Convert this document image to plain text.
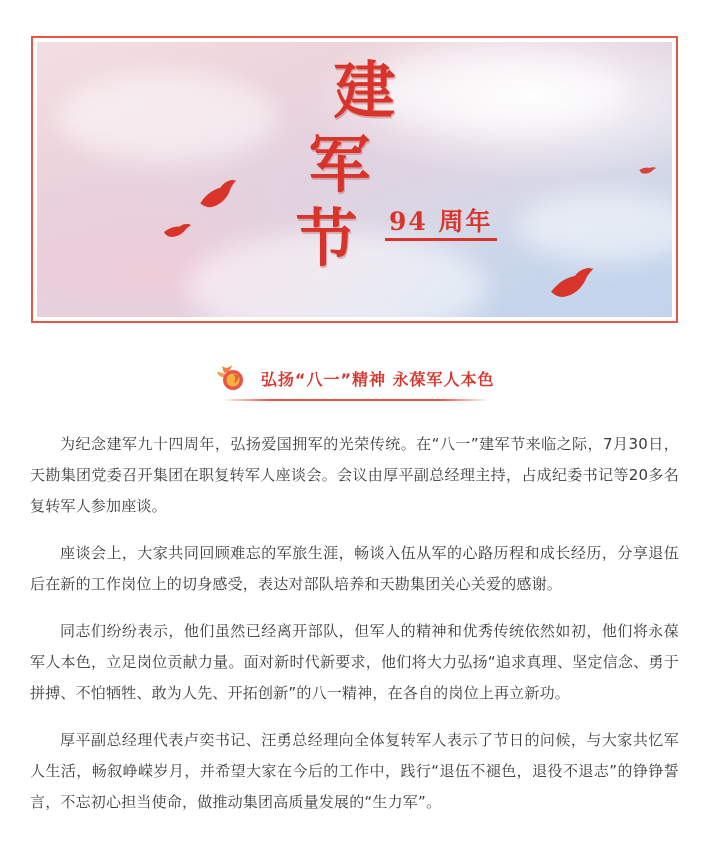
建
军
节	94 周年
弘扬“八一”精神 永葆军人本色

为纪念建军九十四周年，弘扬爱国拥军的光荣传统。在“八一”建军节来临之际，7月30日，天勘集团党委召开集团在职复转军人座谈会。会议由厚平副总经理主持，占成纪委书记等20多名复转军人参加座谈。

座谈会上，大家共同回顾难忘的军旅生涯，畅谈入伍从军的心路历程和成长经历，分享退伍后在新的工作岗位上的切身感受，表达对部队培养和天勘集团关心关爱的感谢。

同志们纷纷表示，他们虽然已经离开部队，但军人的精神和优秀传统依然如初，他们将永葆军人本色，立足岗位贡献力量。面对新时代新要求，他们将大力弘扬“追求真理、坚定信念、勇于拼搏、不怕牺牲、敢为人先、开拓创新”的八一精神，在各自的岗位上再立新功。

厚平副总经理代表卢奕书记、汪勇总经理向全体复转军人表示了节日的问候，与大家共忆军人生活，畅叙峥嵘岁月，并希望大家在今后的工作中，践行“退伍不褪色，退役不退志”的铮铮誓言，不忘初心担当使命，做推动集团高质量发展的“生力军”。
